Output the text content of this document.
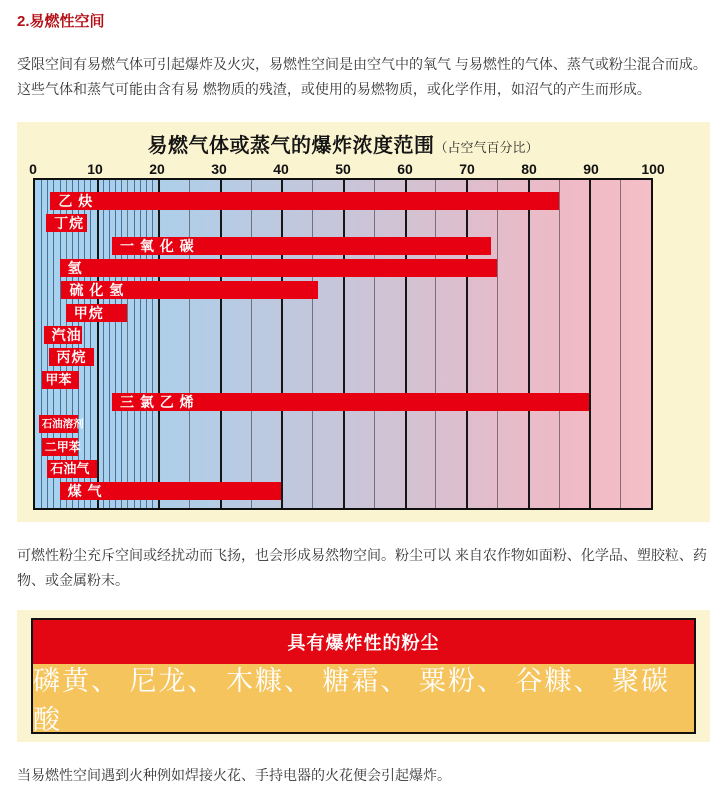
2.易燃性空间

受限空间有易燃气体可引起爆炸及火灾，易燃性空间是由空气中的氧气 与易燃性的气体、蒸气或粉尘混合而成。这些气体和蒸气可能由含有易 燃物质的残渣，或使用的易燃物质，或化学作用，如沼气的产生而形成。

易燃气体或蒸气的爆炸浓度范围（占空气百分比）
0	10	20	30	40	50	60	70	80	90	100
乙 炔
丁烷
一 氧 化 碳
氢
硫 化 氢
甲烷
汽油
丙烷
甲苯
三 氯 乙 烯
石油溶剂
二甲苯
石油气
煤 气

可燃性粉尘充斥空间或经扰动而飞扬，也会形成易然物空间。粉尘可以 来自农作物如面粉、化学品、塑胶粒、药物、或金属粉末。

具有爆炸性的粉尘
磷黄、 尼龙、 木糠、 糖霜、 粟粉、 谷糠、 聚碳酸

当易燃性空间遇到火种例如焊接火花、手持电器的火花便会引起爆炸。
